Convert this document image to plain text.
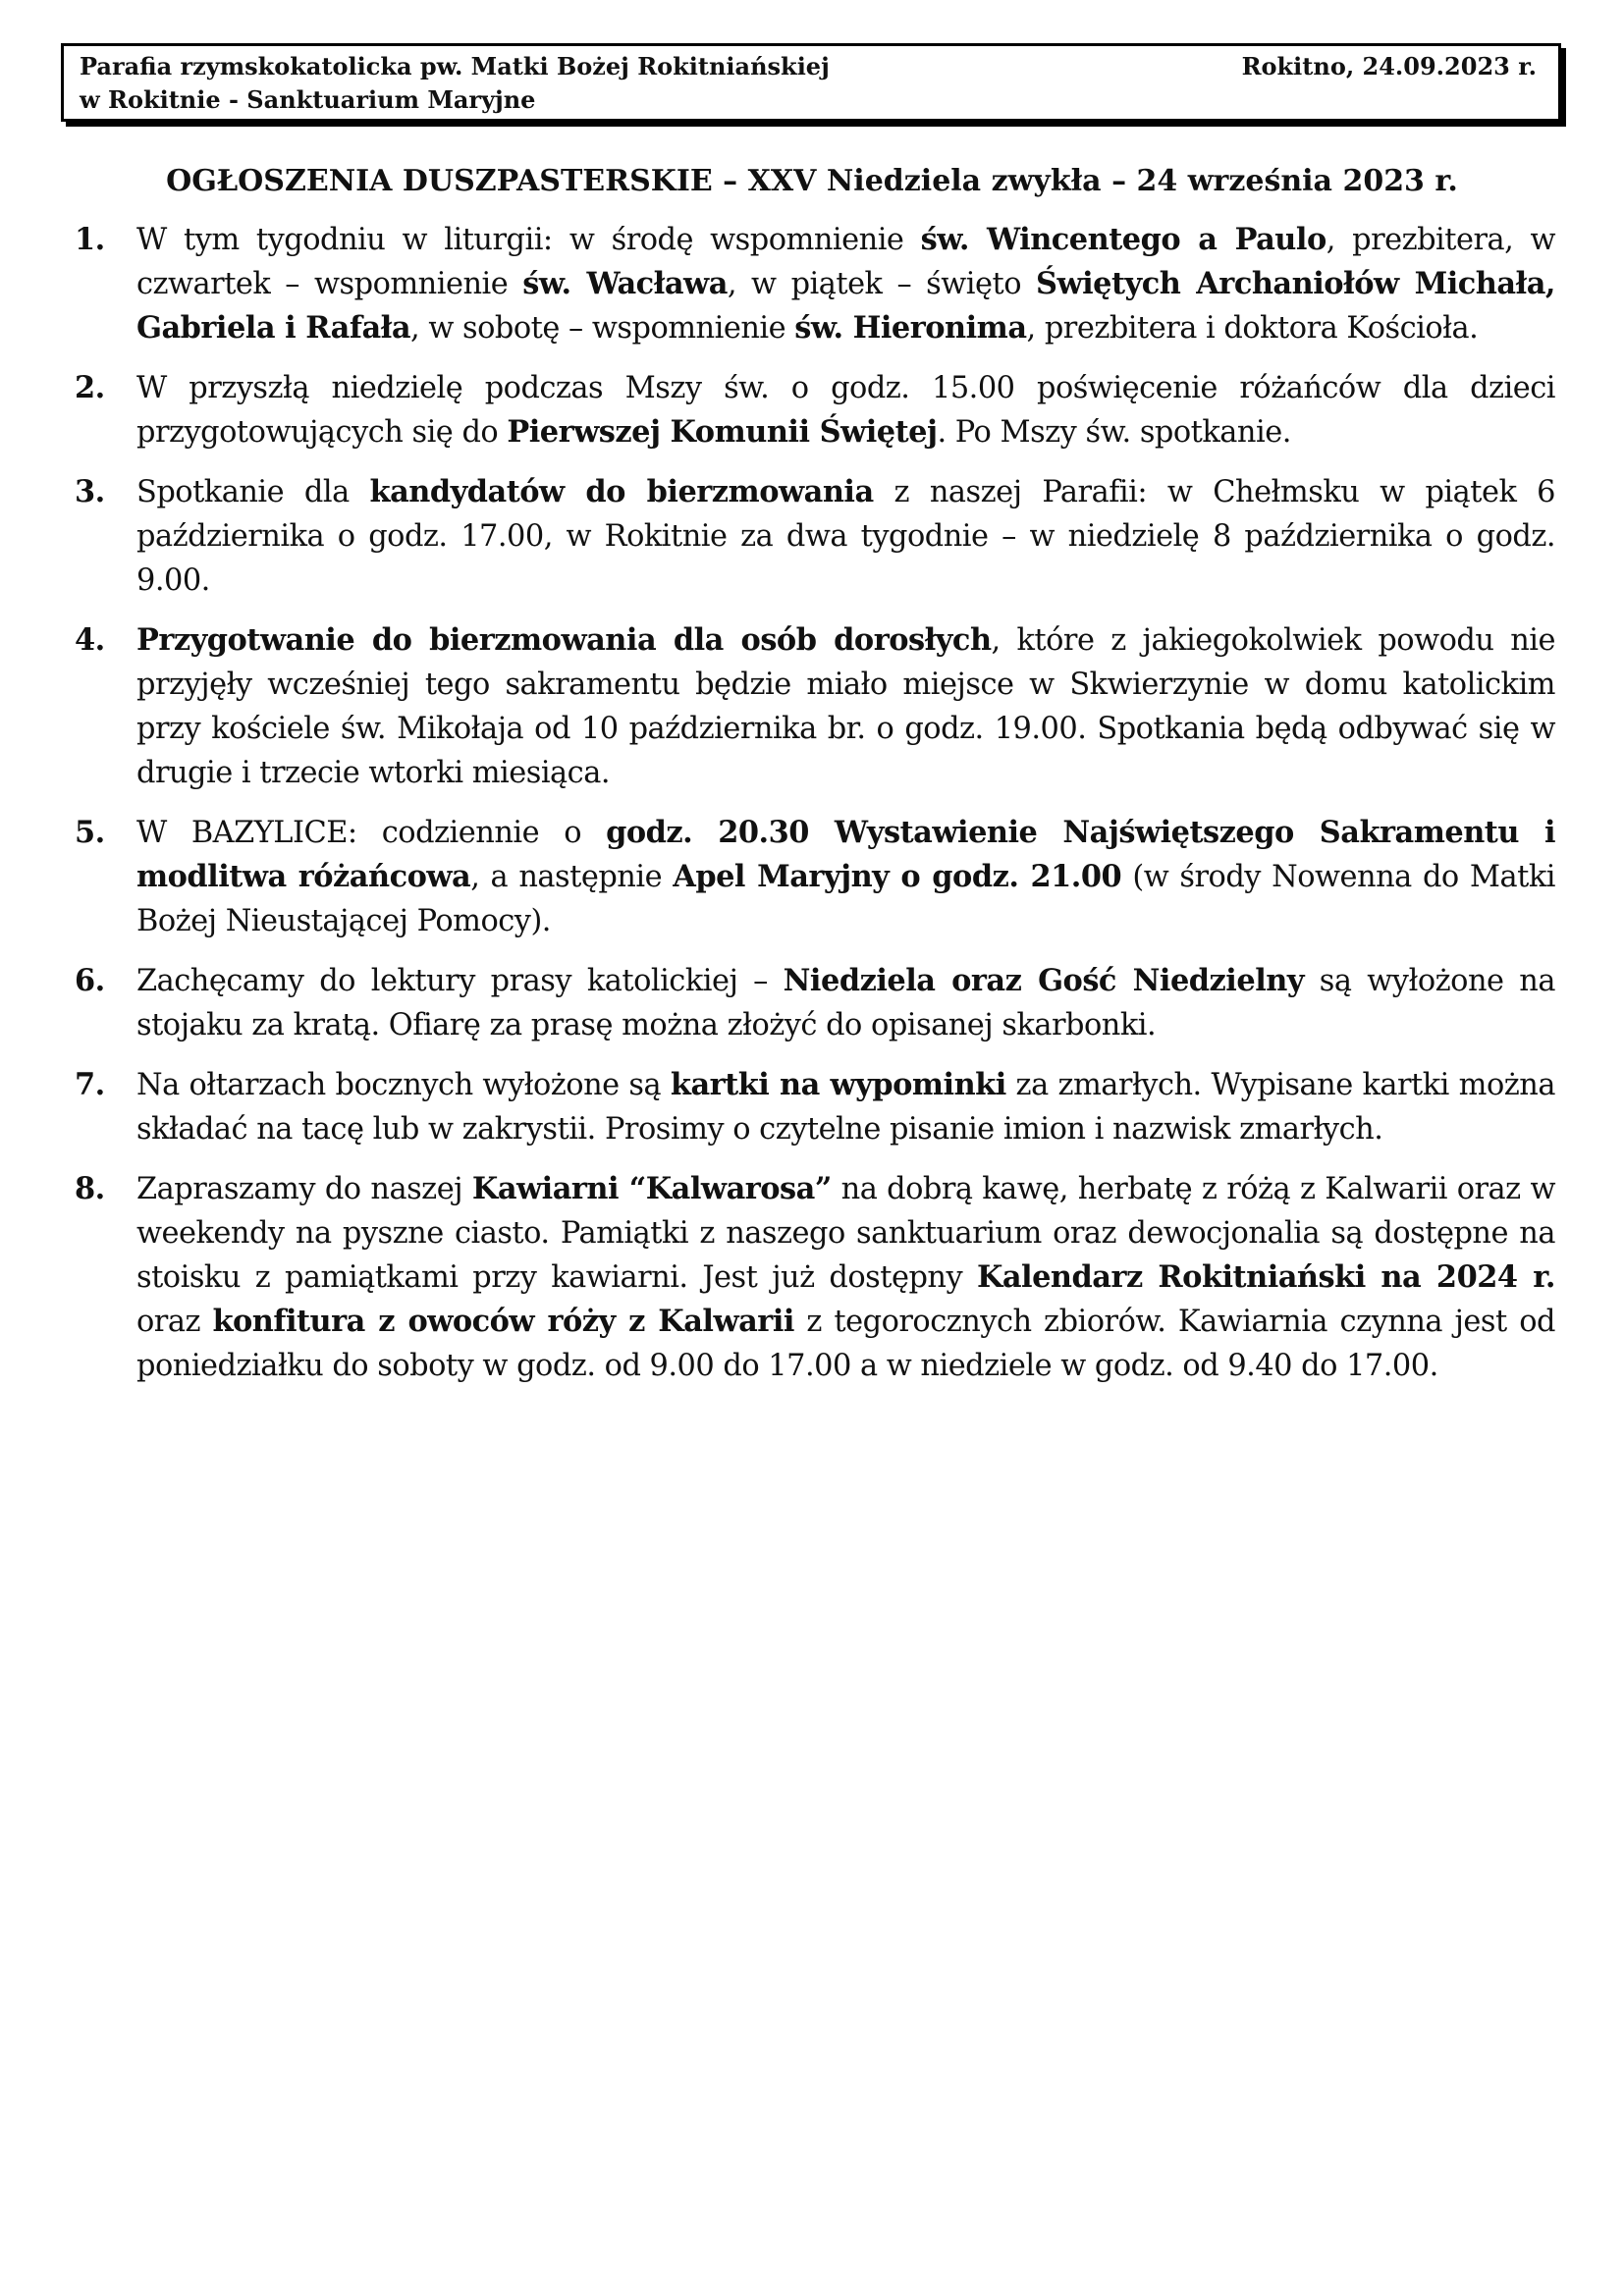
Parafia rzymskokatolicka pw. Matki Bożej Rokitniańskiej
w Rokitnie - Sanktuarium Maryjne
Rokitno, 24.09.2023 r.
OGŁOSZENIA DUSZPASTERSKIE – XXV Niedziela zwykła – 24 września 2023 r.
1. W tym tygodniu w liturgii: w środę wspomnienie św. Wincentego a Paulo, prezbitera, w czwartek – wspomnienie św. Wacława, w piątek – święto Świętych Archaniołów Michała, Gabriela i Rafała, w sobotę – wspomnienie św. Hieronima, prezbitera i doktora Kościoła.
2. W przyszłą niedzielę podczas Mszy św. o godz. 15.00 poświęcenie różańców dla dzieci przygotowujących się do Pierwszej Komunii Świętej. Po Mszy św. spotkanie.
3. Spotkanie dla kandydatów do bierzmowania z naszej Parafii: w Chełmsku w piątek 6 października o godz. 17.00, w Rokitnie za dwa tygodnie – w niedzielę 8 października o godz. 9.00.
4. Przygotwanie do bierzmowania dla osób dorosłych, które z jakiegokolwiek powodu nie przyjęły wcześniej tego sakramentu będzie miało miejsce w Skwierzynie w domu katolickim przy kościele św. Mikołaja od 10 października br. o godz. 19.00. Spotkania będą odbywać się w drugie i trzecie wtorki miesiąca.
5. W BAZYLICE: codziennie o godz. 20.30 Wystawienie Najświętszego Sakramentu i modlitwa różańcowa, a następnie Apel Maryjny o godz. 21.00 (w środy Nowenna do Matki Bożej Nieustającej Pomocy).
6. Zachęcamy do lektury prasy katolickiej – Niedziela oraz Gość Niedzielny są wyłożone na stojaku za kratą. Ofiarę za prasę można złożyć do opisanej skarbonki.
7. Na ołtarzach bocznych wyłożone są kartki na wypominki za zmarłych. Wypisane kartki można składać na tacę lub w zakrystii. Prosimy o czytelne pisanie imion i nazwisk zmarłych.
8. Zapraszamy do naszej Kawiarni “Kalwarosa” na dobrą kawę, herbatę z różą z Kalwarii oraz w weekendy na pyszne ciasto. Pamiątki z naszego sanktuarium oraz dewocjonalia są dostępne na stoisku z pamiątkami przy kawiarni. Jest już dostępny Kalendarz Rokitniański na 2024 r. oraz konfitura z owoców róży z Kalwarii z tegorocznych zbiorów. Kawiarnia czynna jest od poniedziałku do soboty w godz. od 9.00 do 17.00 a w niedziele w godz. od 9.40 do 17.00.
